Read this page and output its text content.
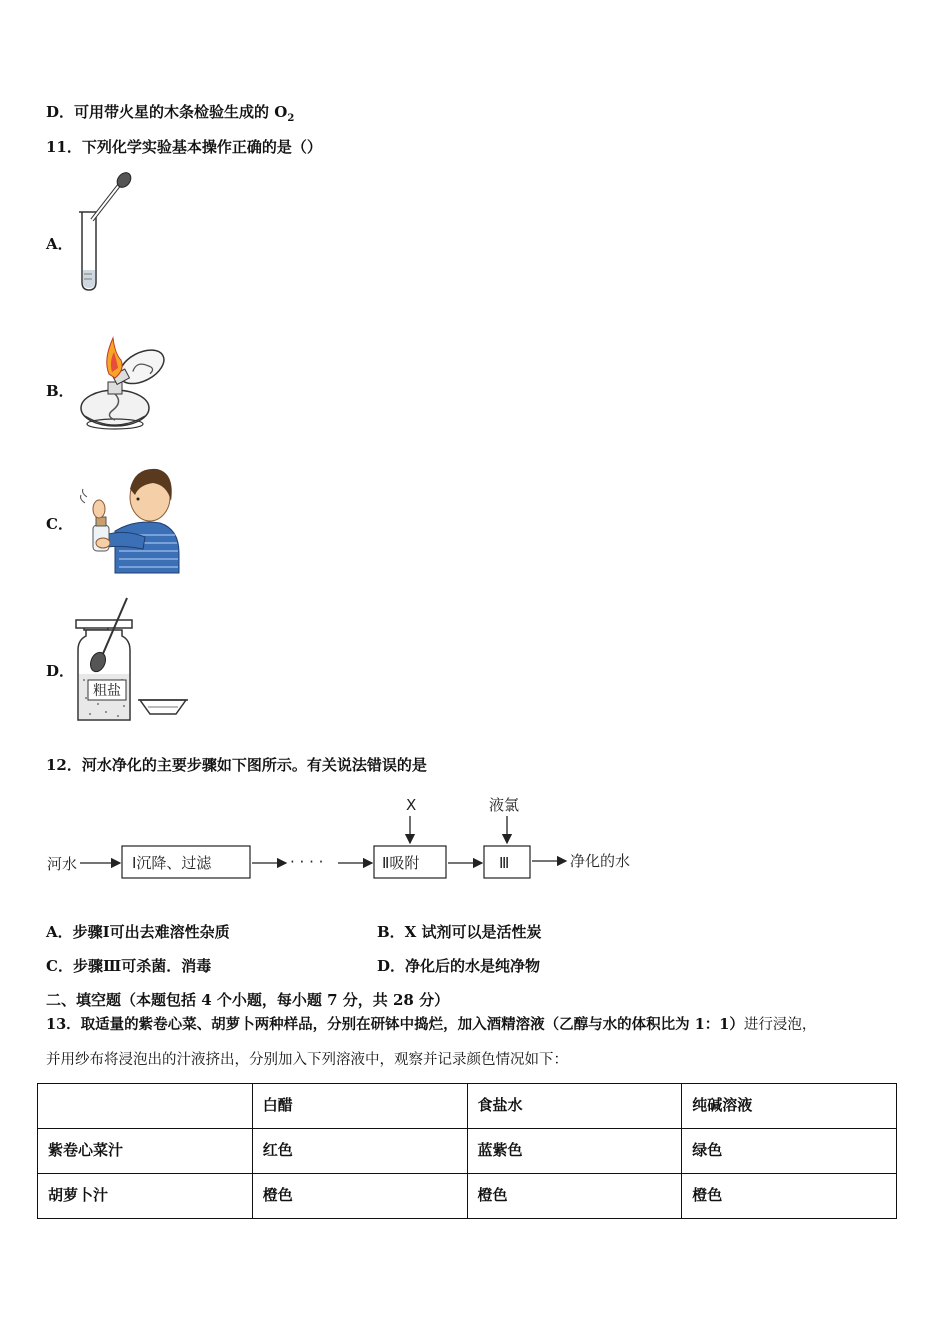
D．可用带火星的木条检验生成的 $O_2$
11．下列化学实验基本操作正确的是（）
A．
B．
C．
D．
粗盐
12．河水净化的主要步骤如下图所示。有关说法错误的是
河水	Ⅰ沉降、过滤	· · · ·	Ⅱ吸附
X
Ⅲ
液氯
净化的水
A．步骤Ⅰ可出去难溶性杂质	B．X 试剂可以是活性炭
C．步骤Ⅲ可杀菌．消毒	D．净化后的水是纯净物
二、填空题（本题包括 4 个小题，每小题 7 分，共 28 分）
13．取适量的紫卷心菜、胡萝卜两种样品，分别在研钵中捣烂，加入酒精溶液（乙醇与水的体积比为 1：1）进行浸泡，
并用纱布将浸泡出的汁液挤出，分别加入下列溶液中，观察并记录颜色情况如下：
	白醋	食盐水	纯碱溶液
紫卷心菜汁	红色	蓝紫色	绿色
胡萝卜汁	橙色	橙色	橙色
